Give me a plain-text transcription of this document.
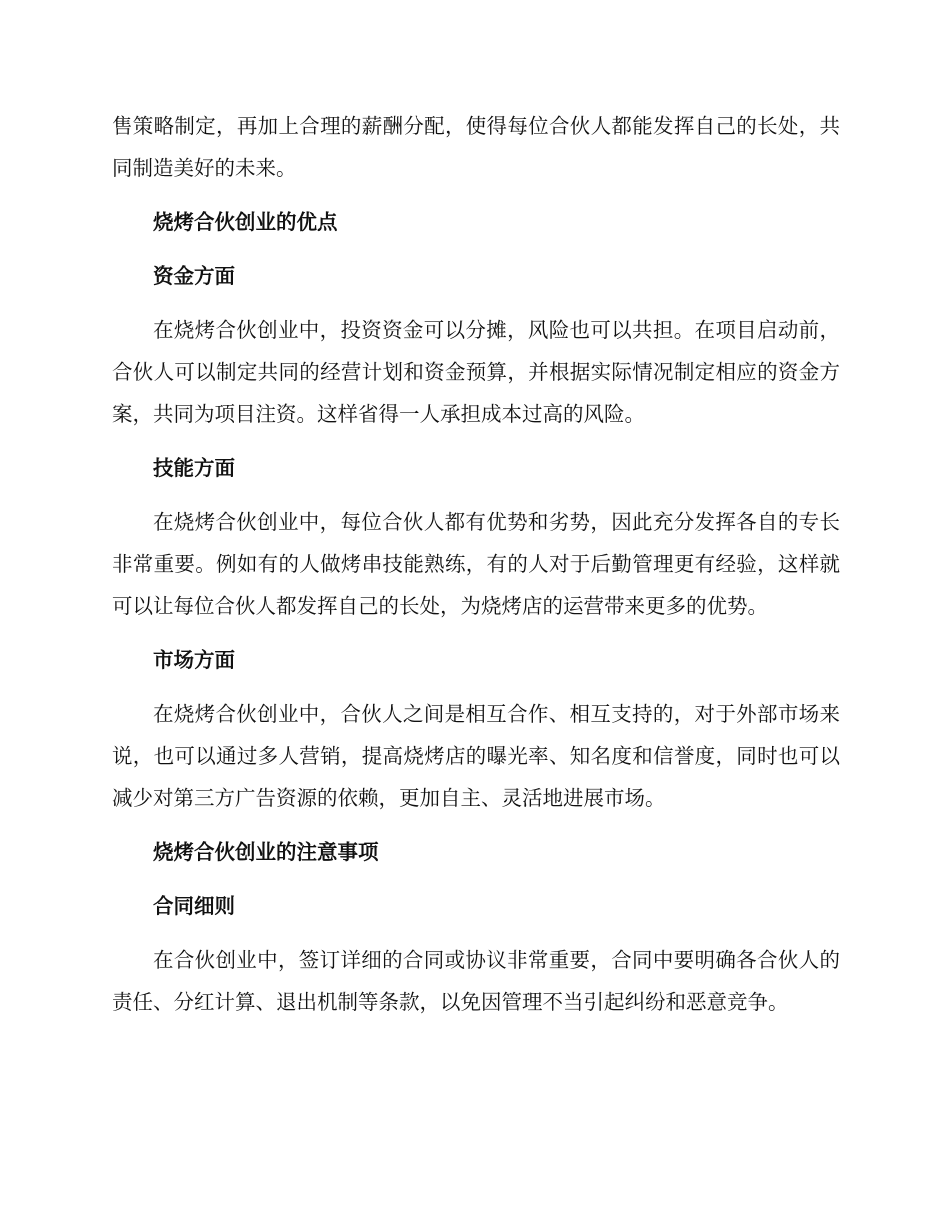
售策略制定，再加上合理的薪酬分配，使得每位合伙人都能发挥自己的长处，共同制造美好的未来。

烧烤合伙创业的优点
资金方面

在烧烤合伙创业中，投资资金可以分摊，风险也可以共担。在项目启动前，合伙人可以制定共同的经营计划和资金预算，并根据实际情况制定相应的资金方案，共同为项目注资。这样省得一人承担成本过高的风险。

技能方面

在烧烤合伙创业中，每位合伙人都有优势和劣势，因此充分发挥各自的专长非常重要。例如有的人做烤串技能熟练，有的人对于后勤管理更有经验，这样就可以让每位合伙人都发挥自己的长处，为烧烤店的运营带来更多的优势。

市场方面

在烧烤合伙创业中，合伙人之间是相互合作、相互支持的，对于外部市场来说，也可以通过多人营销，提高烧烤店的曝光率、知名度和信誉度，同时也可以减少对第三方广告资源的依赖，更加自主、灵活地进展市场。

烧烤合伙创业的注意事项
合同细则

在合伙创业中，签订详细的合同或协议非常重要，合同中要明确各合伙人的责任、分红计算、退出机制等条款，以免因管理不当引起纠纷和恶意竞争。
